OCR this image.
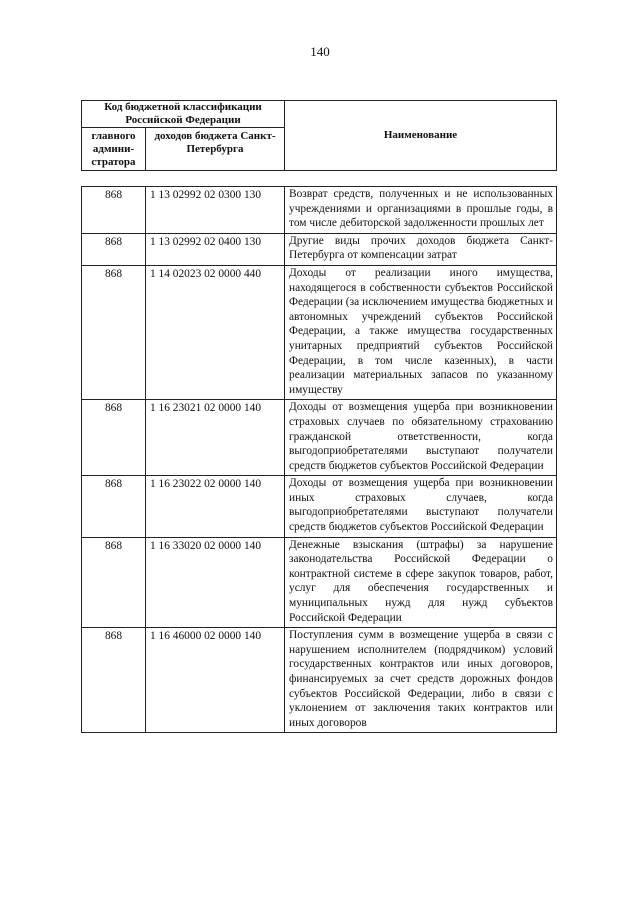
140
Код бюджетной классификации Российской Федерации		Наименование
главного админи-стратора	доходов бюджета Санкт-Петербурга	
868	1 13 02992 02 0300 130	Возврат средств, полученных и не использованных учреждениями и организациями в прошлые годы, в том числе дебиторской задолженности прошлых лет
868	1 13 02992 02 0400 130	Другие виды прочих доходов бюджета Санкт-Петербурга от компенсации затрат
868	1 14 02023 02 0000 440	Доходы от реализации иного имущества, находящегося в собственности субъектов Российской Федерации (за исключением имущества бюджетных и автономных учреждений субъектов Российской Федерации, а также имущества государственных унитарных предприятий субъектов Российской Федерации, в том числе казенных), в части реализации материальных запасов по указанному имуществу
868	1 16 23021 02 0000 140	Доходы от возмещения ущерба при возникновении страховых случаев по обязательному страхованию гражданской ответственности, когда выгодоприобретателями выступают получатели средств бюджетов субъектов Российской Федерации
868	1 16 23022 02 0000 140	Доходы от возмещения ущерба при возникновении иных страховых случаев, когда выгодоприобретателями выступают получатели средств бюджетов субъектов Российской Федерации
868	1 16 33020 02 0000 140	Денежные взыскания (штрафы) за нарушение законодательства Российской Федерации о контрактной системе в сфере закупок товаров, работ, услуг для обеспечения государственных и муниципальных нужд для нужд субъектов Российской Федерации
868	1 16 46000 02 0000 140	Поступления сумм в возмещение ущерба в связи с нарушением исполнителем (подрядчиком) условий государственных контрактов или иных договоров, финансируемых за счет средств дорожных фондов субъектов Российской Федерации, либо в связи с уклонением от заключения таких контрактов или иных договоров
